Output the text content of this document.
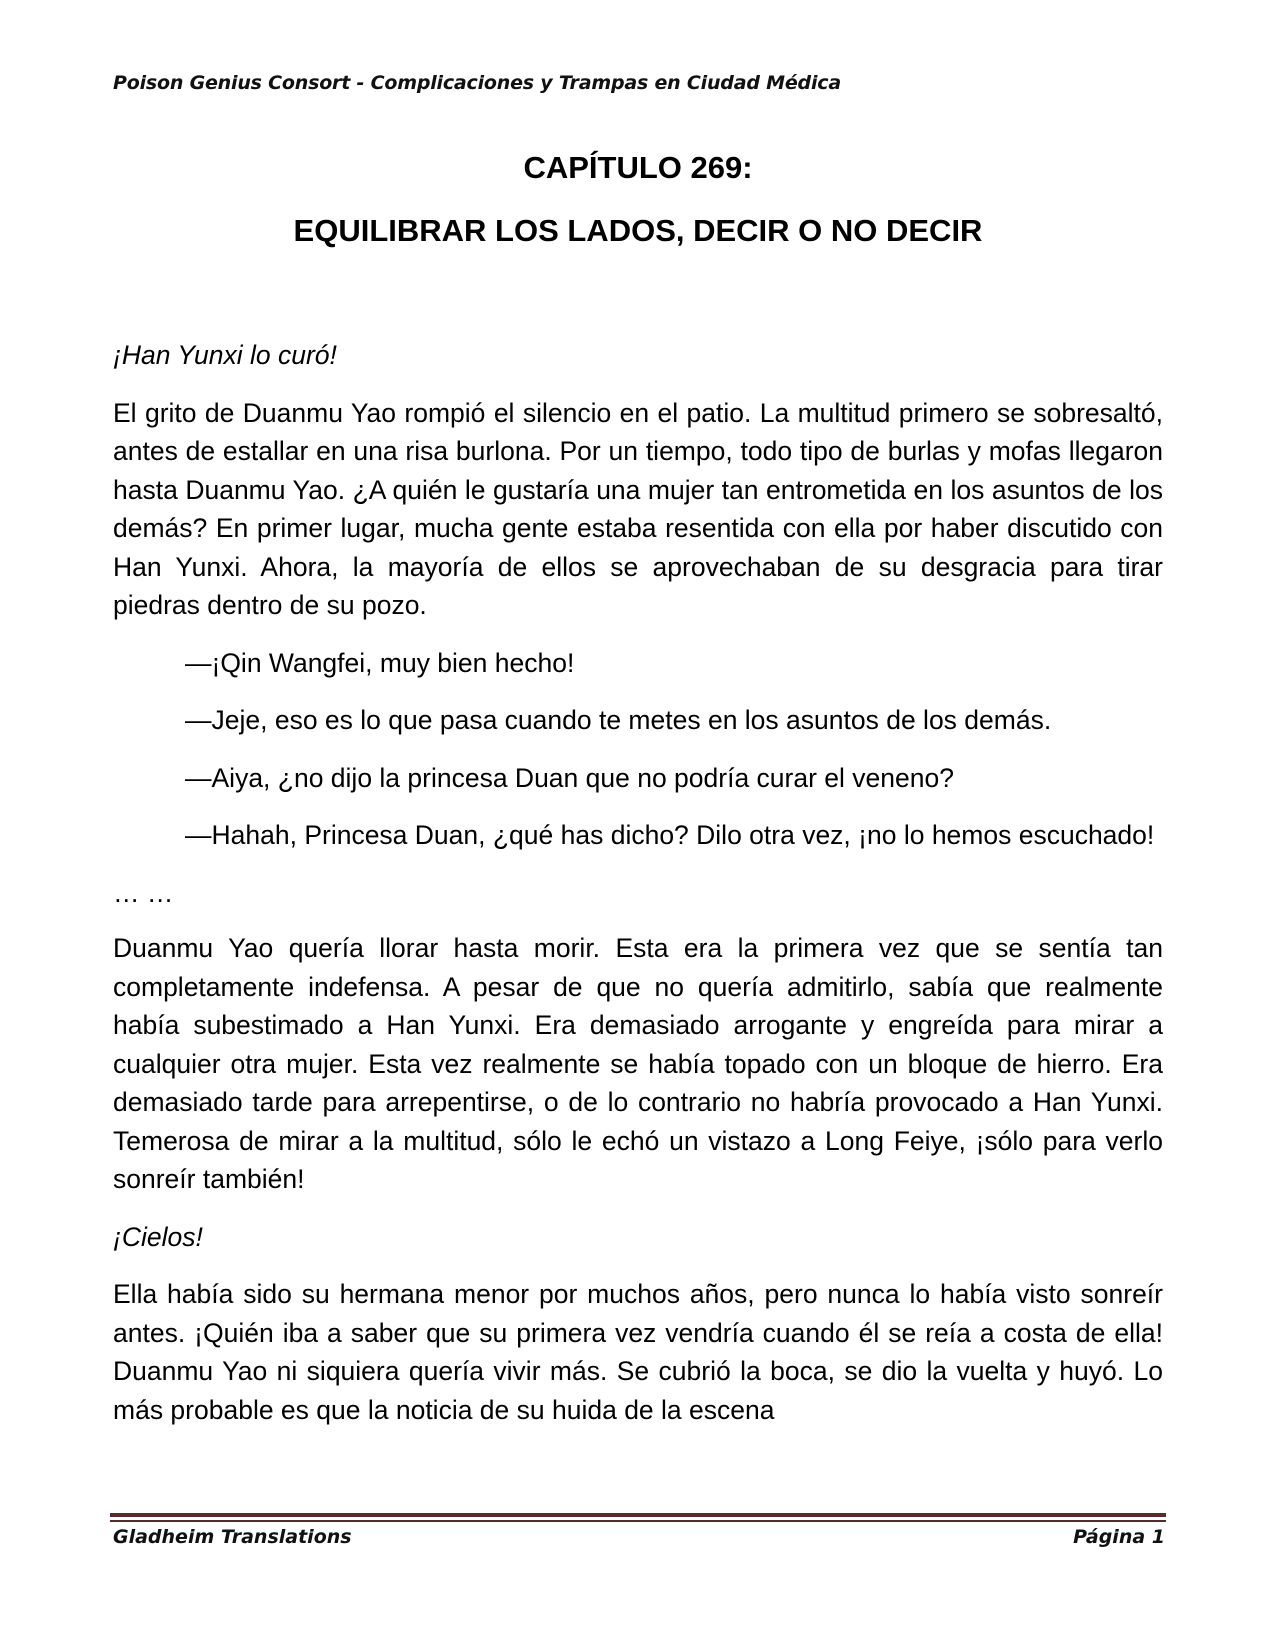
Poison Genius Consort - Complicaciones y Trampas en Ciudad Médica
CAPÍTULO 269:
EQUILIBRAR LOS LADOS, DECIR O NO DECIR

¡Han Yunxi lo curó!

El grito de Duanmu Yao rompió el silencio en el patio. La multitud primero se sobresaltó, antes de estallar en una risa burlona. Por un tiempo, todo tipo de burlas y mofas llegaron hasta Duanmu Yao. ¿A quién le gustaría una mujer tan entrometida en los asuntos de los demás? En primer lugar, mucha gente estaba resentida con ella por haber discutido con Han Yunxi. Ahora, la mayoría de ellos se aprovechaban de su desgracia para tirar piedras dentro de su pozo.

—¡Qin Wangfei, muy bien hecho!

—Jeje, eso es lo que pasa cuando te metes en los asuntos de los demás.

—Aiya, ¿no dijo la princesa Duan que no podría curar el veneno?

—Hahah, Princesa Duan, ¿qué has dicho? Dilo otra vez, ¡no lo hemos escuchado!

… …

Duanmu Yao quería llorar hasta morir. Esta era la primera vez que se sentía tan completamente indefensa. A pesar de que no quería admitirlo, sabía que realmente había subestimado a Han Yunxi. Era demasiado arrogante y engreída para mirar a cualquier otra mujer. Esta vez realmente se había topado con un bloque de hierro. Era demasiado tarde para arrepentirse, o de lo contrario no habría provocado a Han Yunxi. Temerosa de mirar a la multitud, sólo le echó un vistazo a Long Feiye, ¡sólo para verlo sonreír también!

¡Cielos!

Ella había sido su hermana menor por muchos años, pero nunca lo había visto sonreír antes. ¡Quién iba a saber que su primera vez vendría cuando él se reía a costa de ella! Duanmu Yao ni siquiera quería vivir más. Se cubrió la boca, se dio la vuelta y huyó. Lo más probable es que la noticia de su huida de la escena

Gladheim Translations	Página 1
